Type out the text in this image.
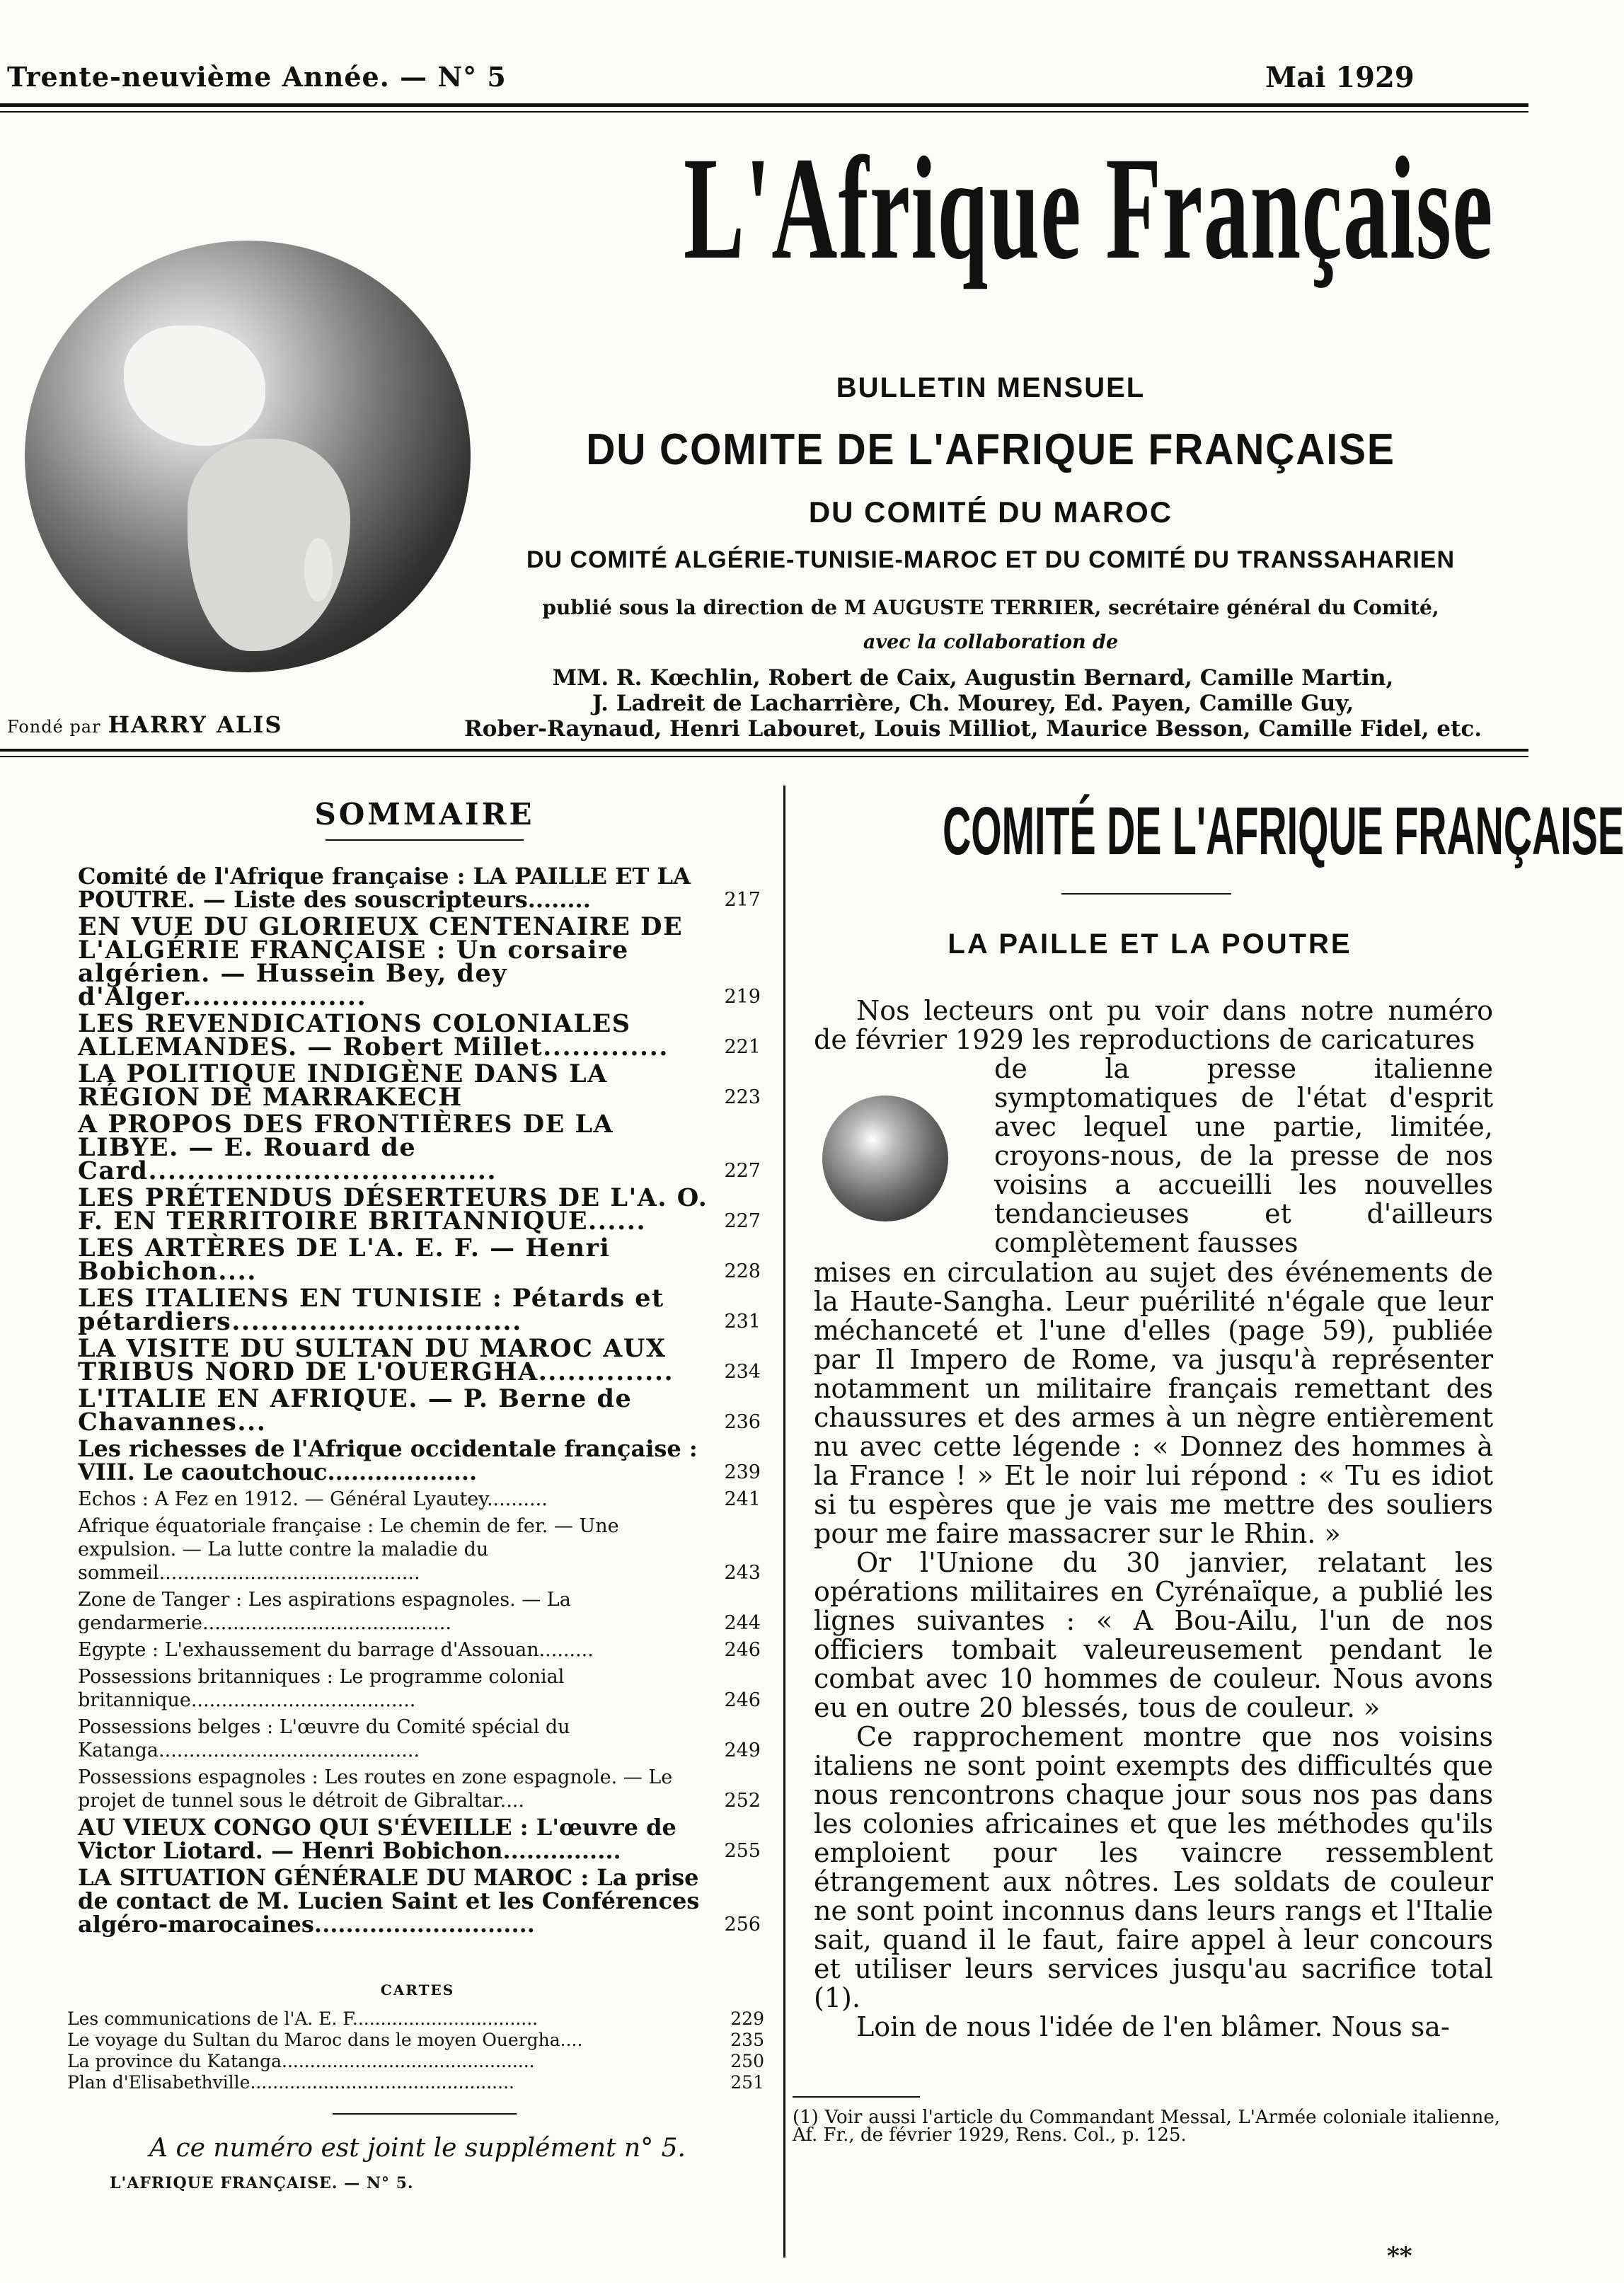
Trente-neuvième Année. — N° 5	Mai 1929
L'Afrique Française
BULLETIN MENSUEL
DU COMITE DE L'AFRIQUE FRANÇAISE
DU COMITÉ DU MAROC
DU COMITÉ ALGÉRIE-TUNISIE-MAROC ET DU COMITÉ DU TRANSSAHARIEN
publié sous la direction de M AUGUSTE TERRIER, secrétaire général du Comité,
avec la collaboration de
MM. R. Kœchlin, Robert de Caix, Augustin Bernard, Camille Martin,
J. Ladreit de Lacharrière, Ch. Mourey, Ed. Payen, Camille Guy,
Rober-Raynaud, Henri Labouret, Louis Milliot, Maurice Besson, Camille Fidel, etc.
Fondé par HARRY ALIS
SOMMAIRE
Comité de l'Afrique française : LA PAILLE ET LA POUTRE. — Liste des souscripteurs........	217
EN VUE DU GLORIEUX CENTENAIRE DE L'ALGÉRIE FRANÇAISE : Un corsaire algérien. — Hussein Bey, dey d'Alger...................	219
LES REVENDICATIONS COLONIALES ALLEMANDES. — Robert Millet.............	221
LA POLITIQUE INDIGÈNE DANS LA RÉGION DE MARRAKECH	223
A PROPOS DES FRONTIÈRES DE LA LIBYE. — E. Rouard de Card....................................	227
LES PRÉTENDUS DÉSERTEURS DE L'A. O. F. EN TERRITOIRE BRITANNIQUE......	227
LES ARTÈRES DE L'A. E. F. — Henri Bobichon....	228
LES ITALIENS EN TUNISIE : Pétards et pétardiers..............................	231
LA VISITE DU SULTAN DU MAROC AUX TRIBUS NORD DE L'OUERGHA..............	234
L'ITALIE EN AFRIQUE. — P. Berne de Chavannes...	236
Les richesses de l'Afrique occidentale française : VIII. Le caoutchouc...................	239
Echos : A Fez en 1912. — Général Lyautey..........	241
Afrique équatoriale française : Le chemin de fer. — Une expulsion. — La lutte contre la maladie du sommeil...........................................	243
Zone de Tanger : Les aspirations espagnoles. — La gendarmerie.........................................	244
Egypte : L'exhaussement du barrage d'Assouan.........	246
Possessions britanniques : Le programme colonial britannique.....................................	246
Possessions belges : L'œuvre du Comité spécial du Katanga...........................................	249
Possessions espagnoles : Les routes en zone espagnole. — Le projet de tunnel sous le détroit de Gibraltar....	252
AU VIEUX CONGO QUI S'ÉVEILLE : L'œuvre de Victor Liotard. — Henri Bobichon...............	255
LA SITUATION GÉNÉRALE DU MAROC : La prise de contact de M. Lucien Saint et les Conférences algéro-marocaines............................	256
CARTES
Les communications de l'A. E. F.................................	229
Le voyage du Sultan du Maroc dans le moyen Ouergha....	235
La province du Katanga.............................................	250
Plan d'Elisabethville...............................................	251
A ce numéro est joint le supplément n° 5.
L'AFRIQUE FRANÇAISE. — N° 5.
COMITÉ DE L'AFRIQUE FRANÇAISE
LA PAILLE ET LA POUTRE

Nos lecteurs ont pu voir dans notre numéro de février 1929 les reproductions de caricatures

de la presse italienne symptomatiques de l'état d'esprit avec lequel une partie, limitée, croyons-nous, de la presse de nos voisins a accueilli les nouvelles tendancieuses et d'ailleurs complètement fausses
mises en circulation au sujet des événements de la Haute-Sangha. Leur puérilité n'égale que leur méchanceté et l'une d'elles (page 59), publiée par Il Impero de Rome, va jusqu'à représenter notamment un militaire français remettant des chaussures et des armes à un nègre entièrement nu avec cette légende : « Donnez des hommes à la France ! » Et le noir lui répond : « Tu es idiot si tu espères que je vais me mettre des souliers pour me faire massacrer sur le Rhin. »

Or l'Unione du 30 janvier, relatant les opérations militaires en Cyrénaïque, a publié les lignes suivantes : « A Bou-Ailu, l'un de nos officiers tombait valeureusement pendant le combat avec 10 hommes de couleur. Nous avons eu en outre 20 blessés, tous de couleur. »

Ce rapprochement montre que nos voisins italiens ne sont point exempts des difficultés que nous rencontrons chaque jour sous nos pas dans les colonies africaines et que les méthodes qu'ils emploient pour les vaincre ressemblent étrangement aux nôtres. Les soldats de couleur ne sont point inconnus dans leurs rangs et l'Italie sait, quand il le faut, faire appel à leur concours et utiliser leurs services jusqu'au sacrifice total (1).

Loin de nous l'idée de l'en blâmer. Nous sa-

(1) Voir aussi l'article du Commandant Messal, L'Armée coloniale italienne, Af. Fr., de février 1929, Rens. Col., p. 125.
**
